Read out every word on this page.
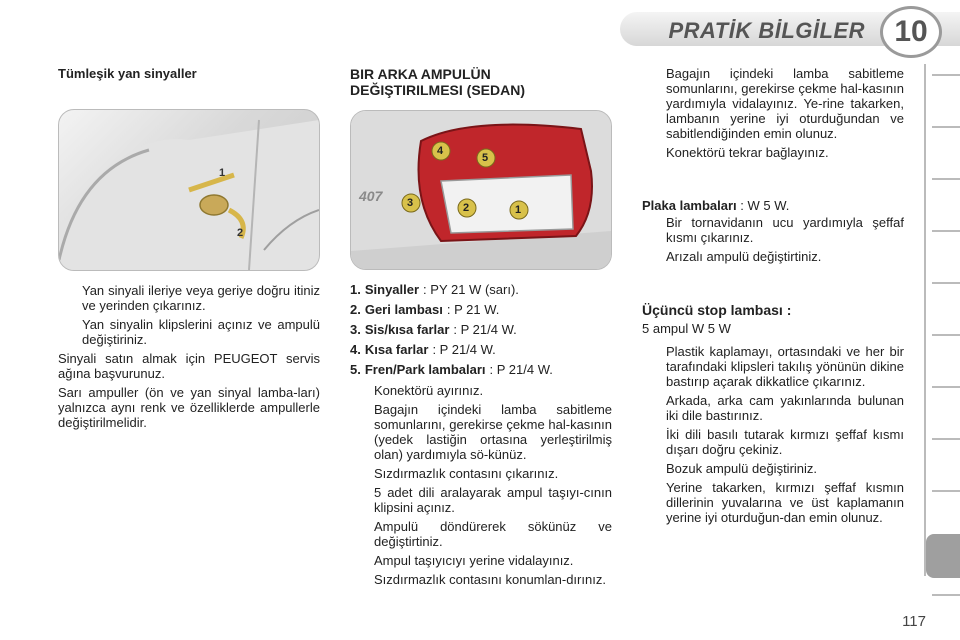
PRATİK BİLGİLER 10
Tümleşik yan sinyaller
1
2
Yan sinyali ileriye veya geriye doğru itiniz ve yerinden çıkarınız.
Yan sinyalin klipslerini açınız ve ampulü değiştiriniz.

Sinyali satın almak için PEUGEOT servis ağına başvurunuz.

Sarı ampuller (ön ve yan sinyal lamba-ları) yalnızca aynı renk ve özelliklerde ampullerle değiştirilmelidir.

BIR ARKA AMPULÜN
DEĞIŞTIRILMESI (SEDAN)
4
5
3	2	1
407
1. Sinyaller : PY 21 W (sarı).
2. Geri lambası : P 21 W.
3. Sis/kısa farlar : P 21/4 W.
4. Kısa farlar : P 21/4 W.
5. Fren/Park lambaları : P 21/4 W.
Konektörü ayırınız.
Bagajın içindeki lamba sabitleme somunlarını, gerekirse çekme hal-kasının (yedek lastiğin ortasına yerleştirilmiş olan) yardımıyla sö-künüz.
Sızdırmazlık contasını çıkarınız.
5 adet dili aralayarak ampul taşıyı-cının klipsini açınız.
Ampulü döndürerek sökünüz ve değiştirtiniz.
Ampul taşıyıcıyı yerine vidalayınız.
Sızdırmazlık contasını konumlan-dırınız.
Bagajın içindeki lamba sabitleme somunlarını, gerekirse çekme hal-kasının yardımıyla vidalayınız. Ye-rine takarken, lambanın yerine iyi oturduğundan ve sabitlendiğinden emin olunuz.
Konektörü tekrar bağlayınız.
Plaka lambaları : W 5 W.
Bir tornavidanın ucu yardımıyla şeffaf kısmı çıkarınız.
Arızalı ampulü değiştirtiniz.
Üçüncü stop lambası :
5 ampul W 5 W
Plastik kaplamayı, ortasındaki ve her bir tarafındaki klipsleri takılış yönünün dikine bastırıp açarak dikkatlice çıkarınız.
Arkada, arka cam yakınlarında bulunan iki dile bastırınız.
İki dili basılı tutarak kırmızı şeffaf kısmı dışarı doğru çekiniz.
Bozuk ampulü değiştiriniz.
Yerine takarken, kırmızı şeffaf kısmın dillerinin yuvalarına ve üst kaplamanın yerine iyi oturduğun-dan emin olunuz.
117
